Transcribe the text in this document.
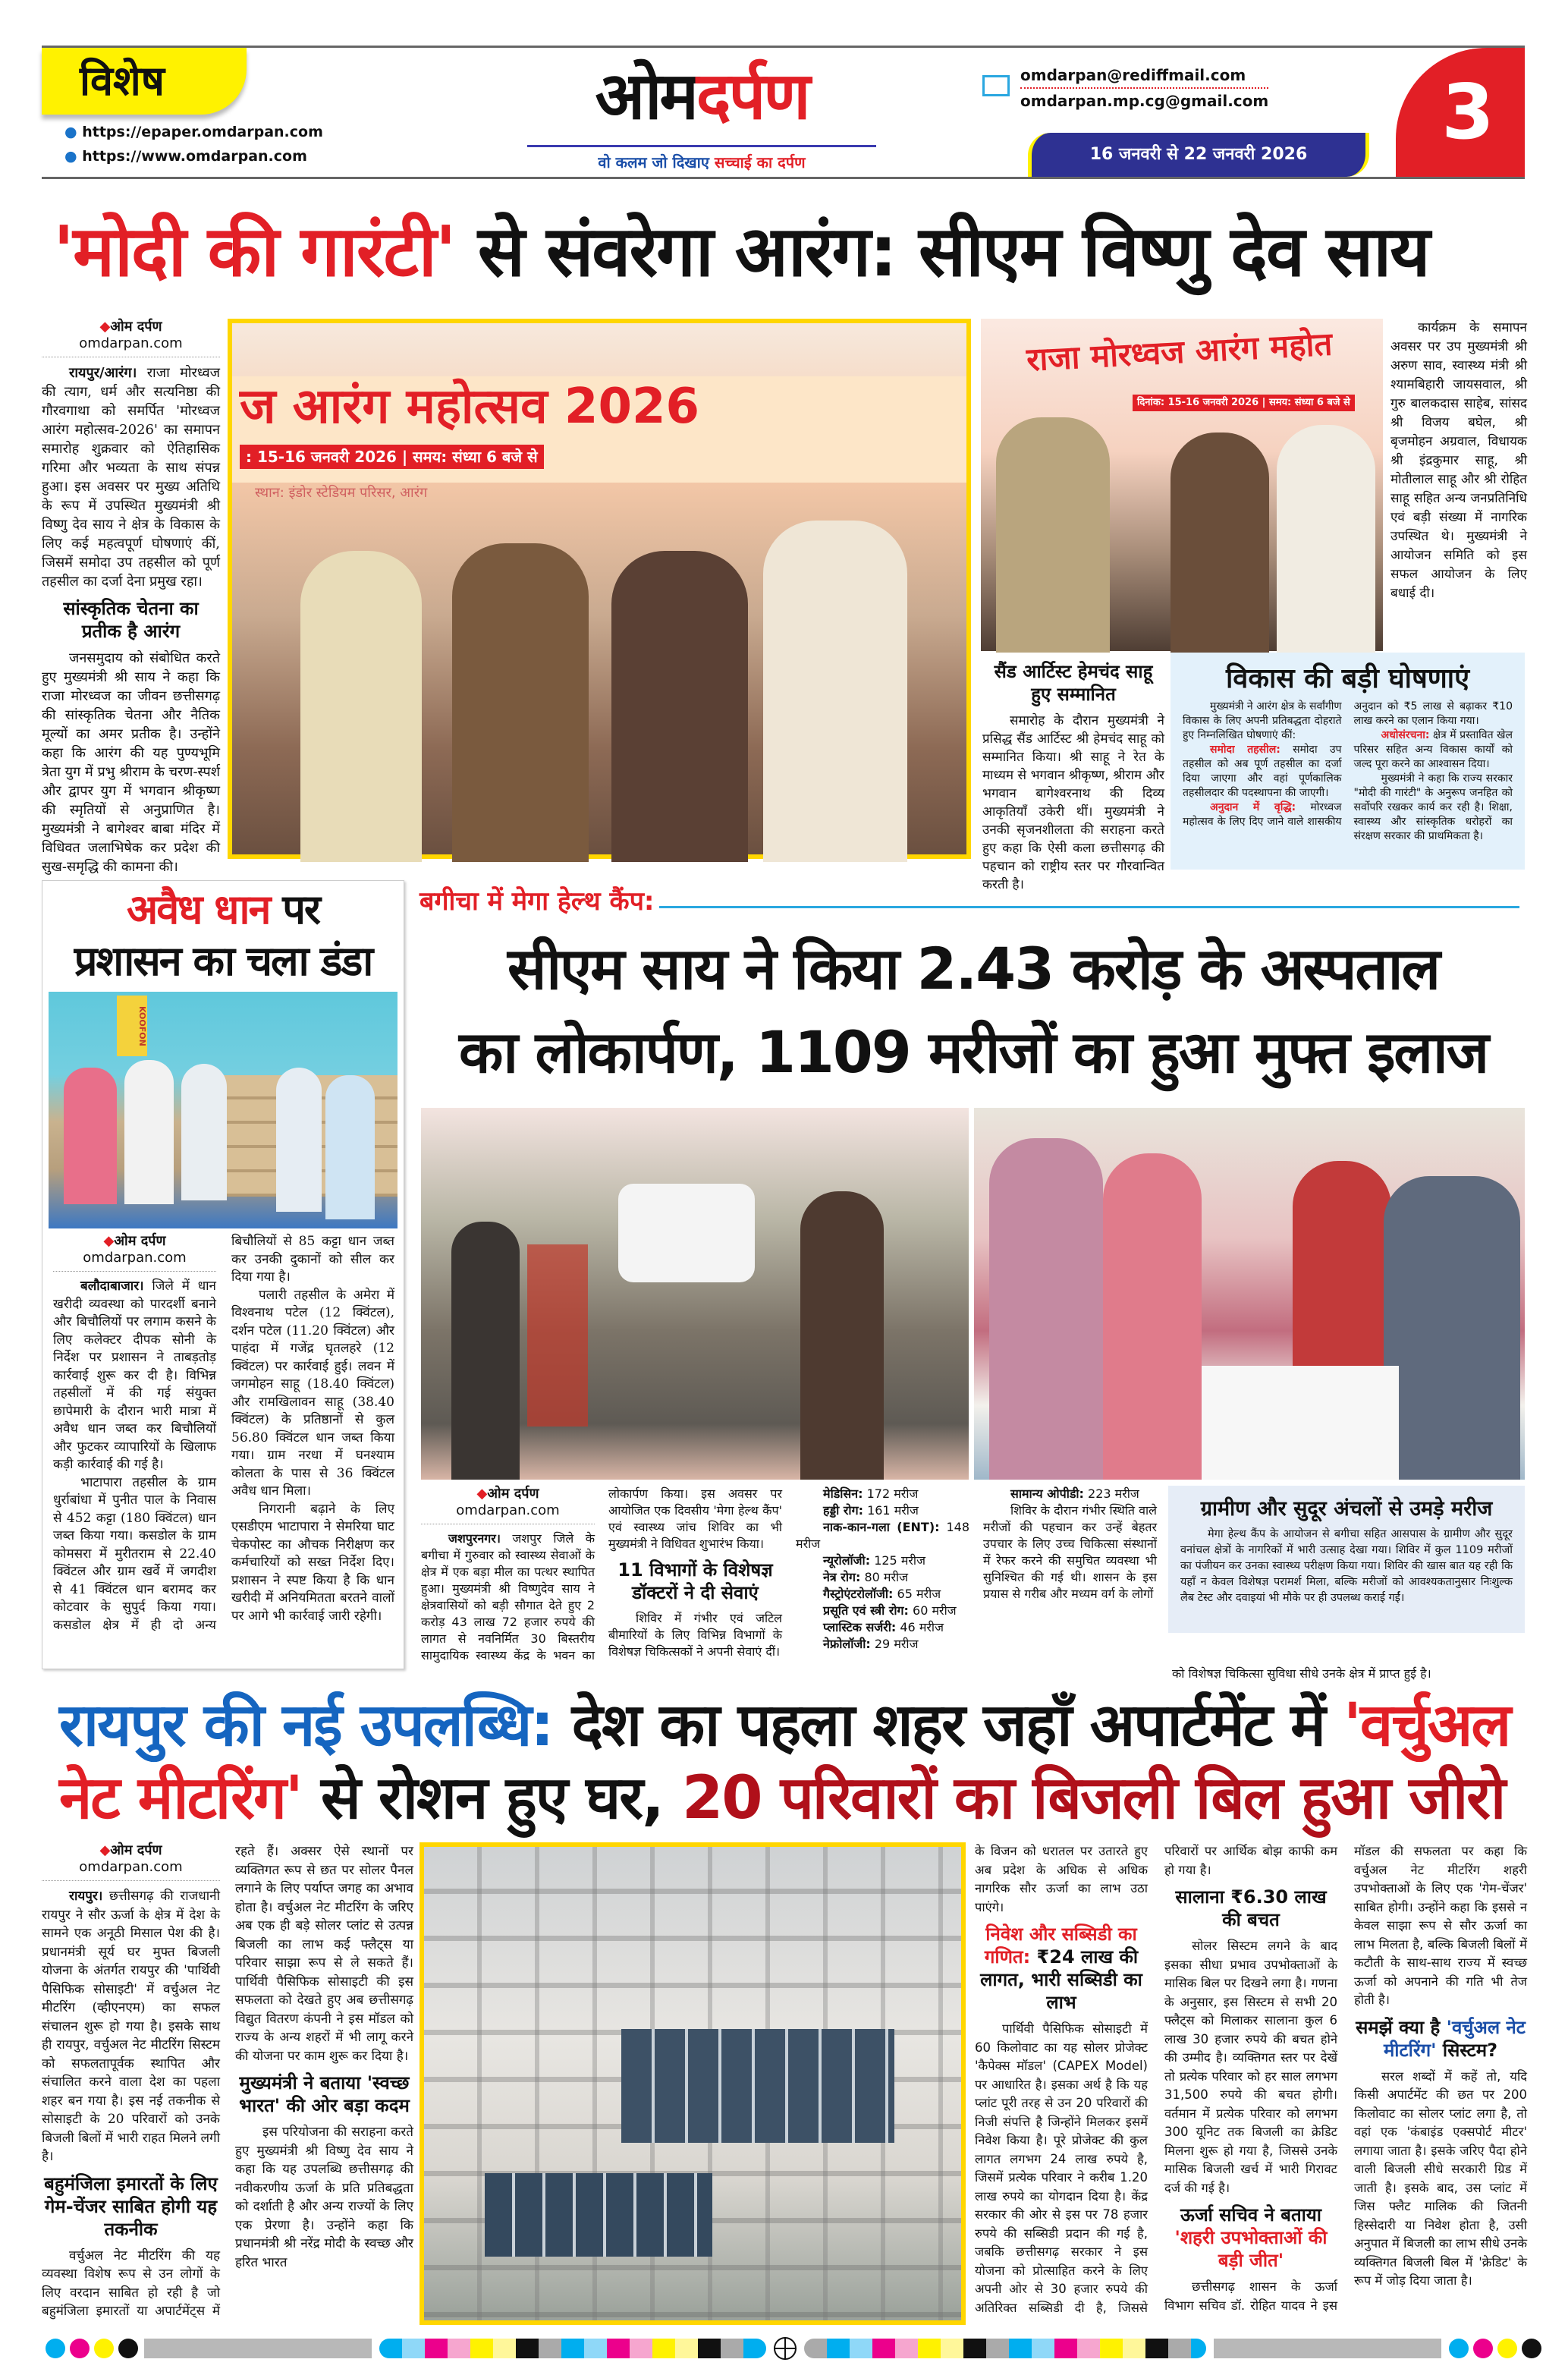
विशेष
● https://epaper.omdarpan.com
● https://www.omdarpan.com
ओमदर्पण
वो कलम जो दिखाए सच्चाई का दर्पण
omdarpan@rediffmail.com
omdarpan.mp.cg@gmail.com
16 जनवरी से 22 जनवरी 2026	3
'मोदी की गारंटी' से संवरेगा आरंग: सीएम विष्णु देव साय
◆ओम दर्पण
omdarpan.com

रायपुर/आरंग। राजा मोरध्वज की त्याग, धर्म और सत्यनिष्ठा की गौरवगाथा को समर्पित 'मोरध्वज आरंग महोत्सव-2026' का समापन समारोह शुक्रवार को ऐतिहासिक गरिमा और भव्यता के साथ संपन्न हुआ। इस अवसर पर मुख्य अतिथि के रूप में उपस्थित मुख्यमंत्री श्री विष्णु देव साय ने क्षेत्र के विकास के लिए कई महत्वपूर्ण घोषणाएं कीं, जिसमें समोदा उप तहसील को पूर्ण तहसील का दर्जा देना प्रमुख रहा।

सांस्कृतिक चेतना का प्रतीक है आरंग

जनसमुदाय को संबोधित करते हुए मुख्यमंत्री श्री साय ने कहा कि राजा मोरध्वज का जीवन छत्तीसगढ़ की सांस्कृतिक चेतना और नैतिक मूल्यों का अमर प्रतीक है। उन्होंने कहा कि आरंग की यह पुण्यभूमि त्रेता युग में प्रभु श्रीराम के चरण-स्पर्श और द्वापर युग में भगवान श्रीकृष्ण की स्मृतियों से अनुप्राणित है। मुख्यमंत्री ने बागेश्वर बाबा मंदिर में विधिवत जलाभिषेक कर प्रदेश की सुख-समृद्धि की कामना की।

ज आरंग महोत्सव 2026
: 15-16 जनवरी 2026 | समय: संध्या 6 बजे से
स्थान: इंडोर स्टेडियम परिसर, आरंग
राजा मोरध्वज आरंग महोत
दिनांक: 15-16 जनवरी 2026 | समय: संध्या 6 बजे से

कार्यक्रम के समापन अवसर पर उप मुख्यमंत्री श्री अरुण साव, स्वास्थ्य मंत्री श्री श्यामबिहारी जायसवाल, श्री गुरु बालकदास साहेब, सांसद श्री विजय बघेल, श्री बृजमोहन अग्रवाल, विधायक श्री इंद्रकुमार साहू, श्री मोतीलाल साहू और श्री रोहित साहू सहित अन्य जनप्रतिनिधि एवं बड़ी संख्या में नागरिक उपस्थित थे। मुख्यमंत्री ने आयोजन समिति को इस सफल आयोजन के लिए बधाई दी।

सैंड आर्टिस्ट हेमचंद साहू हुए सम्मानित

समारोह के दौरान मुख्यमंत्री ने प्रसिद्ध सैंड आर्टिस्ट श्री हेमचंद साहू को सम्मानित किया। श्री साहू ने रेत के माध्यम से भगवान श्रीकृष्ण, श्रीराम और भगवान बागेश्वरनाथ की दिव्य आकृतियाँ उकेरी थीं। मुख्यमंत्री ने उनकी सृजनशीलता की सराहना करते हुए कहा कि ऐसी कला छत्तीसगढ़ की पहचान को राष्ट्रीय स्तर पर गौरवान्वित करती है।

विकास की बड़ी घोषणाएं

मुख्यमंत्री ने आरंग क्षेत्र के सर्वांगीण विकास के लिए अपनी प्रतिबद्धता दोहराते हुए निम्नलिखित घोषणाएं कीं:

समोदा तहसील: समोदा उप तहसील को अब पूर्ण तहसील का दर्जा दिया जाएगा और वहां पूर्णकालिक तहसीलदार की पदस्थापना की जाएगी।

अनुदान में वृद्धि: मोरध्वज महोत्सव के लिए दिए जाने वाले शासकीय अनुदान को ₹5 लाख से बढ़ाकर ₹10 लाख करने का एलान किया गया।

अधोसंरचना: क्षेत्र में प्रस्तावित खेल परिसर सहित अन्य विकास कार्यों को जल्द पूरा करने का आश्वासन दिया।

मुख्यमंत्री ने कहा कि राज्य सरकार "मोदी की गारंटी" के अनुरूप जनहित को सर्वोपरि रखकर कार्य कर रही है। शिक्षा, स्वास्थ्य और सांस्कृतिक धरोहरों का संरक्षण सरकार की प्राथमिकता है।

अवैध धान पर
प्रशासन का चला डंडा
KOOFON
◆ओम दर्पण
omdarpan.com

बलौदाबाजार। जिले में धान खरीदी व्यवस्था को पारदर्शी बनाने और बिचौलियों पर लगाम कसने के लिए कलेक्टर दीपक सोनी के निर्देश पर प्रशासन ने ताबड़तोड़ कार्रवाई शुरू कर दी है। विभिन्न तहसीलों में की गई संयुक्त छापेमारी के दौरान भारी मात्रा में अवैध धान जब्त कर बिचौलियों और फुटकर व्यापारियों के खिलाफ कड़ी कार्रवाई की गई है।

भाटापारा तहसील के ग्राम धुर्राबांधा में पुनीत पाल के निवास से 452 कट्टा (180 क्विंटल) धान जब्त किया गया। कसडोल के ग्राम कोमसरा में मुरीतराम से 22.40 क्विंटल और ग्राम खर्वे में जगदीश से 41 क्विंटल धान बरामद कर कोटवार के सुपुर्द किया गया। कसडोल क्षेत्र में ही दो अन्य बिचौलियों से 85 कट्टा धान जब्त कर उनकी दुकानों को सील कर दिया गया है।

पलारी तहसील के अमेरा में विश्वनाथ पटेल (12 क्विंटल), दर्शन पटेल (11.20 क्विंटल) और पाहंदा में गजेंद्र घृतलहरे (12 क्विंटल) पर कार्रवाई हुई। लवन में जगमोहन साहू (18.40 क्विंटल) और रामखिलावन साहू (38.40 क्विंटल) के प्रतिष्ठानों से कुल 56.80 क्विंटल धान जब्त किया गया। ग्राम नरधा में घनश्याम कोलता के पास से 36 क्विंटल अवैध धान मिला।

निगरानी बढ़ाने के लिए एसडीएम भाटापारा ने सेमरिया घाट चेकपोस्ट का औचक निरीक्षण कर कर्मचारियों को सख्त निर्देश दिए। प्रशासन ने स्पष्ट किया है कि धान खरीदी में अनियमितता बरतने वालों पर आगे भी कार्रवाई जारी रहेगी।

बगीचा में मेगा हेल्थ कैंप:
सीएम साय ने किया 2.43 करोड़ के अस्पताल
का लोकार्पण, 1109 मरीजों का हुआ मुफ्त इलाज
◆ओम दर्पण
omdarpan.com

जशपुरनगर। जशपुर जिले के बगीचा में गुरुवार को स्वास्थ्य सेवाओं के क्षेत्र में एक बड़ा मील का पत्थर स्थापित हुआ। मुख्यमंत्री श्री विष्णुदेव साय ने क्षेत्रवासियों को बड़ी सौगात देते हुए 2 करोड़ 43 लाख 72 हजार रुपये की लागत से नवनिर्मित 30 बिस्तरीय सामुदायिक स्वास्थ्य केंद्र के भवन का लोकार्पण किया। इस अवसर पर आयोजित एक दिवसीय 'मेगा हेल्थ कैंप' एवं स्वास्थ्य जांच शिविर का भी मुख्यमंत्री ने विधिवत शुभारंभ किया।

11 विभागों के विशेषज्ञ डॉक्टरों ने दी सेवाएं

शिविर में गंभीर एवं जटिल बीमारियों के लिए विभिन्न विभागों के विशेषज्ञ चिकित्सकों ने अपनी सेवाएं दीं।

मेडिसिन: 172 मरीज

हड्डी रोग: 161 मरीज

नाक-कान-गला (ENT): 148 मरीज

न्यूरोलॉजी: 125 मरीज

नेत्र रोग: 80 मरीज

गैस्ट्रोएंटरोलॉजी: 65 मरीज

प्रसूति एवं स्त्री रोग: 60 मरीज

प्लास्टिक सर्जरी: 46 मरीज

नेफ्रोलॉजी: 29 मरीज

सामान्य ओपीडी: 223 मरीज

शिविर के दौरान गंभीर स्थिति वाले मरीजों की पहचान कर उन्हें बेहतर उपचार के लिए उच्च चिकित्सा संस्थानों में रेफर करने की समुचित व्यवस्था भी सुनिश्चित की गई थी। शासन के इस प्रयास से गरीब और मध्यम वर्ग के लोगों

ग्रामीण और सुदूर अंचलों से उमड़े मरीज

मेगा हेल्थ कैंप के आयोजन से बगीचा सहित आसपास के ग्रामीण और सुदूर वनांचल क्षेत्रों के नागरिकों में भारी उत्साह देखा गया। शिविर में कुल 1109 मरीजों का पंजीयन कर उनका स्वास्थ्य परीक्षण किया गया। शिविर की खास बात यह रही कि यहाँ न केवल विशेषज्ञ परामर्श मिला, बल्कि मरीजों को आवश्यकतानुसार निःशुल्क लैब टेस्ट और दवाइयां भी मौके पर ही उपलब्ध कराई गईं।

को विशेषज्ञ चिकित्सा सुविधा सीधे उनके क्षेत्र में प्राप्त हुई है।
रायपुर की नई उपलब्धि: देश का पहला शहर जहाँ अपार्टमेंट में 'वर्चुअल
नेट मीटरिंग' से रोशन हुए घर, 20 परिवारों का बिजली बिल हुआ जीरो
◆ओम दर्पण
omdarpan.com

रायपुर। छत्तीसगढ़ की राजधानी रायपुर ने सौर ऊर्जा के क्षेत्र में देश के सामने एक अनूठी मिसाल पेश की है। प्रधानमंत्री सूर्य घर मुफ्त बिजली योजना के अंतर्गत रायपुर की 'पार्थिवी पैसिफिक सोसाइटी' में वर्चुअल नेट मीटरिंग (व्हीएनएम) का सफल संचालन शुरू हो गया है। इसके साथ ही रायपुर, वर्चुअल नेट मीटरिंग सिस्टम को सफलतापूर्वक स्थापित और संचालित करने वाला देश का पहला शहर बन गया है। इस नई तकनीक से सोसाइटी के 20 परिवारों को उनके बिजली बिलों में भारी राहत मिलने लगी है।

बहुमंजिला इमारतों के लिए गेम-चेंजर साबित होगी यह तकनीक

वर्चुअल नेट मीटरिंग की यह व्यवस्था विशेष रूप से उन लोगों के लिए वरदान साबित हो रही है जो बहुमंजिला इमारतों या अपार्टमेंट्स में रहते हैं। अक्सर ऐसे स्थानों पर व्यक्तिगत रूप से छत पर सोलर पैनल लगाने के लिए पर्याप्त जगह का अभाव होता है। वर्चुअल नेट मीटरिंग के जरिए अब एक ही बड़े सोलर प्लांट से उत्पन्न बिजली का लाभ कई फ्लैट्स या परिवार साझा रूप से ले सकते हैं। पार्थिवी पैसिफिक सोसाइटी की इस सफलता को देखते हुए अब छत्तीसगढ़ विद्युत वितरण कंपनी ने इस मॉडल को राज्य के अन्य शहरों में भी लागू करने की योजना पर काम शुरू कर दिया है।

मुख्यमंत्री ने बताया 'स्वच्छ भारत' की ओर बड़ा कदम

इस परियोजना की सराहना करते हुए मुख्यमंत्री श्री विष्णु देव साय ने कहा कि यह उपलब्धि छत्तीसगढ़ की नवीकरणीय ऊर्जा के प्रति प्रतिबद्धता को दर्शाती है और अन्य राज्यों के लिए एक प्रेरणा है। उन्होंने कहा कि प्रधानमंत्री श्री नरेंद्र मोदी के स्वच्छ और हरित भारत

के विजन को धरातल पर उतारते हुए अब प्रदेश के अधिक से अधिक नागरिक सौर ऊर्जा का लाभ उठा पाएंगे।

निवेश और सब्सिडी का गणित: ₹24 लाख की लागत, भारी सब्सिडी का लाभ

पार्थिवी पैसिफिक सोसाइटी में 60 किलोवाट का यह सोलर प्रोजेक्ट 'कैपेक्स मॉडल' (CAPEX Model) पर आधारित है। इसका अर्थ है कि यह प्लांट पूरी तरह से उन 20 परिवारों की निजी संपत्ति है जिन्होंने मिलकर इसमें निवेश किया है। पूरे प्रोजेक्ट की कुल लागत लगभग 24 लाख रुपये है, जिसमें प्रत्येक परिवार ने करीब 1.20 लाख रुपये का योगदान दिया है। केंद्र सरकार की ओर से इस पर 78 हजार रुपये की सब्सिडी प्रदान की गई है, जबकि छत्तीसगढ़ सरकार ने इस योजना को प्रोत्साहित करने के लिए अपनी ओर से 30 हजार रुपये की अतिरिक्त सब्सिडी दी है, जिससे परिवारों पर आर्थिक बोझ काफी कम हो गया है।

सालाना ₹6.30 लाख की बचत

सोलर सिस्टम लगने के बाद इसका सीधा प्रभाव उपभोक्ताओं के मासिक बिल पर दिखने लगा है। गणना के अनुसार, इस सिस्टम से सभी 20 फ्लैट्स को मिलाकर सालाना कुल 6 लाख 30 हजार रुपये की बचत होने की उम्मीद है। व्यक्तिगत स्तर पर देखें तो प्रत्येक परिवार को हर साल लगभग 31,500 रुपये की बचत होगी। वर्तमान में प्रत्येक परिवार को लगभग 300 यूनिट तक बिजली का क्रेडिट मिलना शुरू हो गया है, जिससे उनके मासिक बिजली खर्च में भारी गिरावट दर्ज की गई है।

ऊर्जा सचिव ने बताया 'शहरी उपभोक्ताओं की बड़ी जीत'

छत्तीसगढ़ शासन के ऊर्जा विभाग सचिव डॉ. रोहित यादव ने इस मॉडल की सफलता पर कहा कि वर्चुअल नेट मीटरिंग शहरी उपभोक्ताओं के लिए एक 'गेम-चेंजर' साबित होगी। उन्होंने कहा कि इससे न केवल साझा रूप से सौर ऊर्जा का लाभ मिलता है, बल्कि बिजली बिलों में कटौती के साथ-साथ राज्य में स्वच्छ ऊर्जा को अपनाने की गति भी तेज होती है।

समझें क्या है 'वर्चुअल नेट मीटरिंग' सिस्टम?

सरल शब्दों में कहें तो, यदि किसी अपार्टमेंट की छत पर 200 किलोवाट का सोलर प्लांट लगा है, तो वहां एक 'कंबाइंड एक्सपोर्ट मीटर' लगाया जाता है। इसके जरिए पैदा होने वाली बिजली सीधे सरकारी ग्रिड में जाती है। इसके बाद, उस प्लांट में जिस फ्लैट मालिक की जितनी हिस्सेदारी या निवेश होता है, उसी अनुपात में बिजली का लाभ सीधे उनके व्यक्तिगत बिजली बिल में 'क्रेडिट' के रूप में जोड़ दिया जाता है।
